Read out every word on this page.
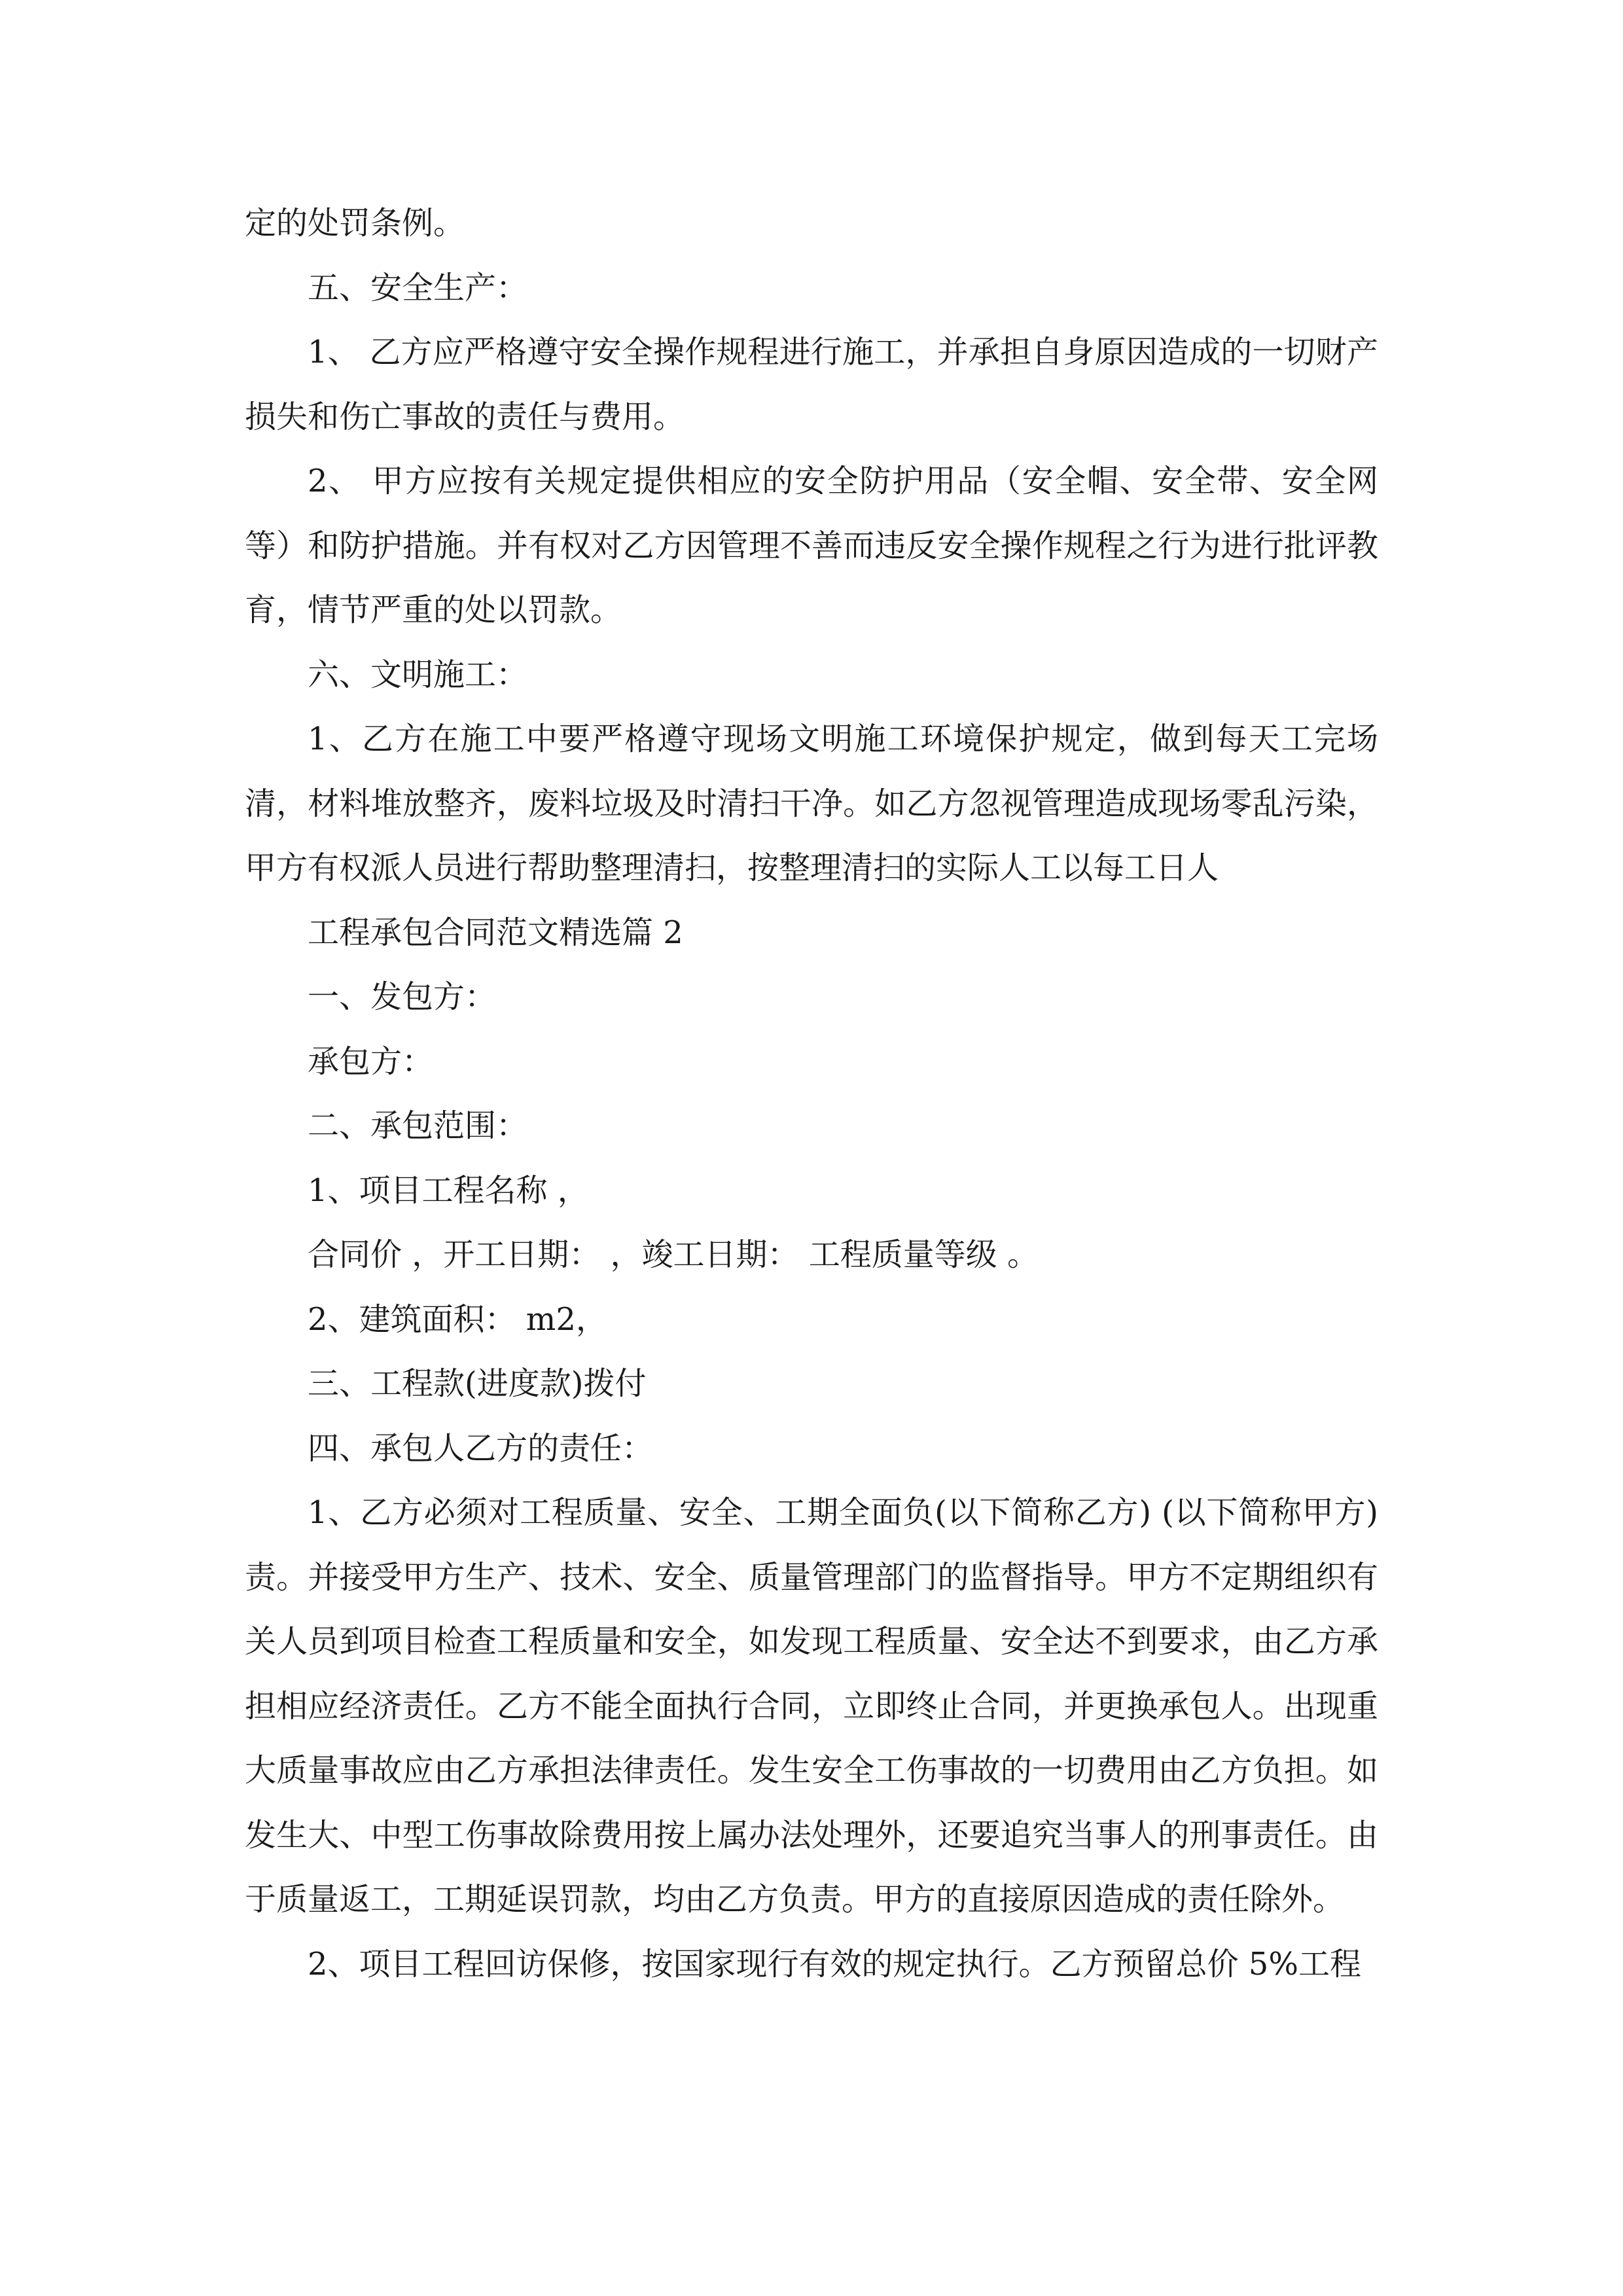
定的处罚条例。

五、安全生产：

1、 乙方应严格遵守安全操作规程进行施工，并承担自身原因造成的一切财产损失和伤亡事故的责任与费用。

2、 甲方应按有关规定提供相应的安全防护用品（安全帽、安全带、安全网等）和防护措施。并有权对乙方因管理不善而违反安全操作规程之行为进行批评教育，情节严重的处以罚款。

六、文明施工：

1、乙方在施工中要严格遵守现场文明施工环境保护规定，做到每天工完场清，材料堆放整齐，废料垃圾及时清扫干净。如乙方忽视管理造成现场零乱污染，甲方有权派人员进行帮助整理清扫，按整理清扫的实际人工以每工日人

工程承包合同范文精选篇 2

一、发包方：

承包方：

二、承包范围：

1、项目工程名称 ，

合同价 ，开工日期： ，竣工日期： 工程质量等级 。

2、建筑面积： m2，

三、工程款(进度款)拨付

四、承包人乙方的责任：

1、乙方必须对工程质量、安全、工期全面负(以下简称乙方) (以下简称甲方)责。并接受甲方生产、技术、安全、质量管理部门的监督指导。甲方不定期组织有关人员到项目检查工程质量和安全，如发现工程质量、安全达不到要求，由乙方承担相应经济责任。乙方不能全面执行合同，立即终止合同，并更换承包人。出现重大质量事故应由乙方承担法律责任。发生安全工伤事故的一切费用由乙方负担。如发生大、中型工伤事故除费用按上属办法处理外，还要追究当事人的刑事责任。由于质量返工，工期延误罚款，均由乙方负责。甲方的直接原因造成的责任除外。

2、项目工程回访保修，按国家现行有效的规定执行。乙方预留总价 5%工程
